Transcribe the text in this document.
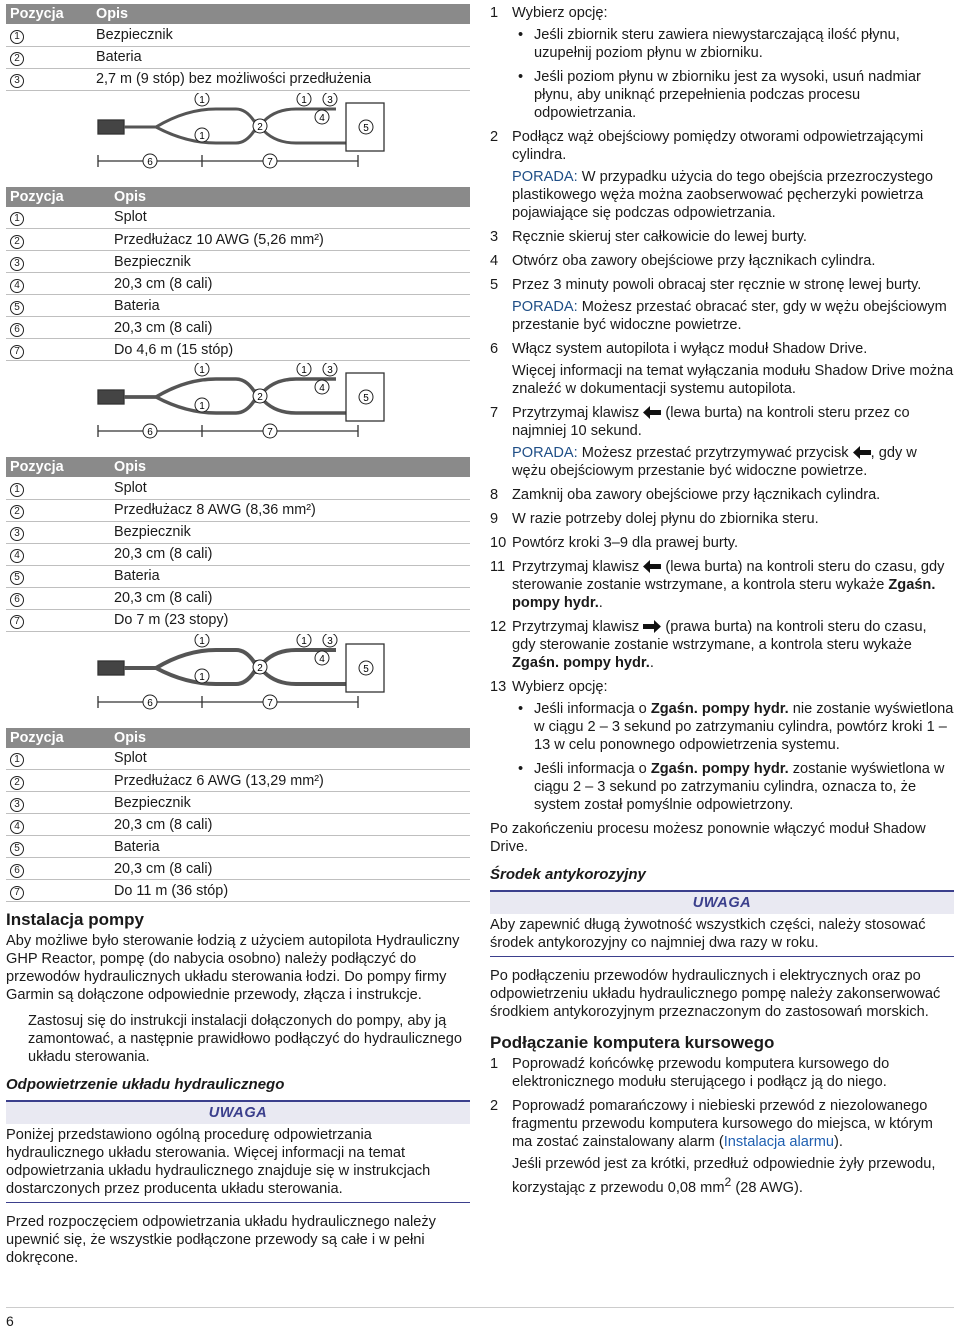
Pozycja	Opis
1	Bezpiecznik
2	Bateria
3	2,7 m (9 stóp) bez możliwości przedłużenia
1	1 3
1
2
4
5
6	7
Pozycja	Opis
1	Splot
2	Przedłużacz 10 AWG (5,26 mm²)
3	Bezpiecznik
4	20,3 cm (8 cali)
5	Bateria
6	20,3 cm (8 cali)
7	Do 4,6 m (15 stóp)
1	1 3
1
2
4
5
6	7
Pozycja	Opis
1	Splot
2	Przedłużacz 8 AWG (8,36 mm²)
3	Bezpiecznik
4	20,3 cm (8 cali)
5	Bateria
6	20,3 cm (8 cali)
7	Do 7 m (23 stopy)
1	1 3
1
2
4
5
6	7
Pozycja	Opis
1	Splot
2	Przedłużacz 6 AWG (13,29 mm²)
3	Bezpiecznik
4	20,3 cm (8 cali)
5	Bateria
6	20,3 cm (8 cali)
7	Do 11 m (36 stóp)
Instalacja pompy

Aby możliwe było sterowanie łodzią z użyciem autopilota Hydrauliczny GHP Reactor, pompę (do nabycia osobno) należy podłączyć do przewodów hydraulicznych układu sterowania łodzi. Do pompy firmy Garmin są dołączone odpowiednie przewody, złącza i instrukcje.

Zastosuj się do instrukcji instalacji dołączonych do pompy, aby ją zamontować, a następnie prawidłowo podłączyć do hydraulicznego układu sterowania.

Odpowietrzenie układu hydraulicznego
UWAGA
Poniżej przedstawiono ogólną procedurę odpowietrzania hydraulicznego układu sterowania. Więcej informacji na temat odpowietrzania układu hydraulicznego znajduje się w instrukcjach dostarczonych przez producenta układu sterowania.

Przed rozpoczęciem odpowietrzania układu hydraulicznego należy upewnić się, że wszystkie podłączone przewody są całe i w pełni dokręcone.

1 Wybierz opcję:
• Jeśli zbiornik steru zawiera niewystarczającą ilość płynu, uzupełnij poziom płynu w zbiorniku.
• Jeśli poziom płynu w zbiorniku jest za wysoki, usuń nadmiar płynu, aby uniknąć przepełnienia podczas procesu odpowietrzania.
2 Podłącz wąż obejściowy pomiędzy otworami odpowietrzającymi cylindra.
PORADA: W przypadku użycia do tego obejścia przezroczystego plastikowego węża można zaobserwować pęcherzyki powietrza pojawiające się podczas odpowietrzania.
3 Ręcznie skieruj ster całkowicie do lewej burty.
4 Otwórz oba zawory obejściowe przy łącznikach cylindra.
5 Przez 3 minuty powoli obracaj ster ręcznie w stronę lewej burty.
PORADA: Możesz przestać obracać ster, gdy w wężu obejściowym przestanie być widoczne powietrze.
6 Włącz system autopilota i wyłącz moduł Shadow Drive.
Więcej informacji na temat wyłączania modułu Shadow Drive można znaleźć w dokumentacji systemu autopilota.
7 Przytrzymaj klawisz (lewa burta) na kontroli steru przez co najmniej 10 sekund.
PORADA: Możesz przestać przytrzymywać przycisk , gdy w wężu obejściowym przestanie być widoczne powietrze.
8 Zamknij oba zawory obejściowe przy łącznikach cylindra.
9 W razie potrzeby dolej płynu do zbiornika steru.
10 Powtórz kroki 3–9 dla prawej burty.
11 Przytrzymaj klawisz (lewa burta) na kontroli steru do czasu, gdy sterowanie zostanie wstrzymane, a kontrola steru wykaże Zgaśn. pompy hydr..
12 Przytrzymaj klawisz (prawa burta) na kontroli steru do czasu, gdy sterowanie zostanie wstrzymane, a kontrola steru wykaże Zgaśn. pompy hydr..
13 Wybierz opcję:
• Jeśli informacja o Zgaśn. pompy hydr. nie zostanie wyświetlona w ciągu 2 – 3 sekund po zatrzymaniu cylindra, powtórz kroki 1 – 13 w celu ponownego odpowietrzenia systemu.
• Jeśli informacja o Zgaśn. pompy hydr. zostanie wyświetlona w ciągu 2 – 3 sekund po zatrzymaniu cylindra, oznacza to, że system został pomyślnie odpowietrzony.

Po zakończeniu procesu możesz ponownie włączyć moduł Shadow Drive.

Środek antykorozyjny
UWAGA
Aby zapewnić długą żywotność wszystkich części, należy stosować środek antykorozyjny co najmniej dwa razy w roku.

Po podłączeniu przewodów hydraulicznych i elektrycznych oraz po odpowietrzeniu układu hydraulicznego pompę należy zakonserwować środkiem antykorozyjnym przeznaczonym do zastosowań morskich.

Podłączanie komputera kursowego
1 Poprowadź końcówkę przewodu komputera kursowego do elektronicznego modułu sterującego i podłącz ją do niego.
2 Poprowadź pomarańczowy i niebieski przewód z niezolowanego fragmentu przewodu komputera kursowego do miejsca, w którym ma zostać zainstalowany alarm (Instalacja alarmu).
Jeśli przewód jest za krótki, przedłuż odpowiednie żyły przewodu, korzystając z przewodu 0,08 $mm^2$ (28 AWG).
6
